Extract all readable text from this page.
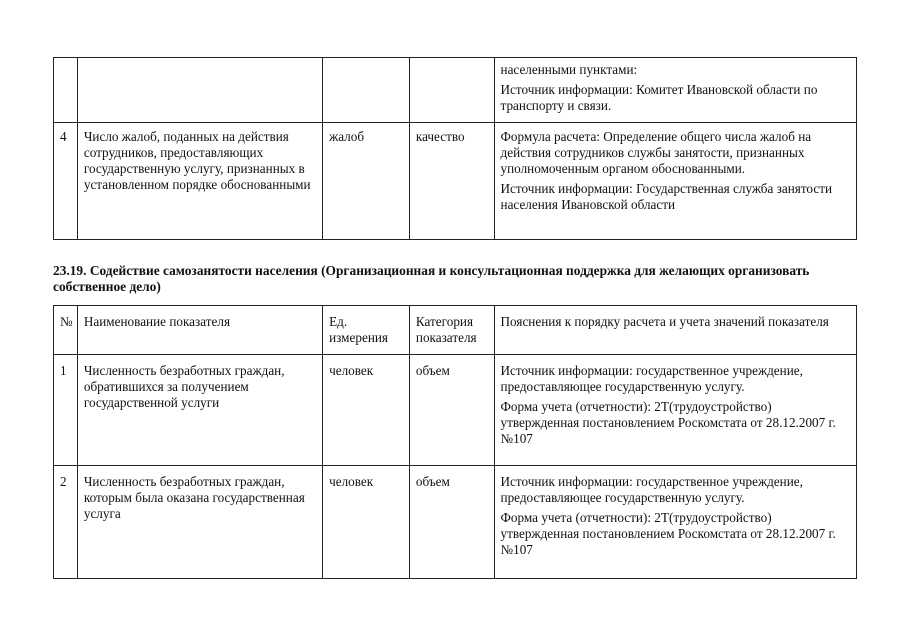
				населенными пунктами:

Источник информации: Комитет Ивановской области по транспорту и связи.

4	Число жалоб, поданных на действия сотрудников, предоставляющих государственную услугу, признанных в установленном порядке обоснованными	жалоб	качество	Формула расчета: Определение общего числа жалоб на действия сотрудников службы занятости, признанных уполномоченным органом обоснованными.

Источник информации: Государственная служба занятости населения Ивановской области

23.19. Содействие самозанятости населения (Организационная и консультационная поддержка для желающих организовать собственное дело)

№	Наименование показателя	Ед. измерения	Категория показателя	Пояснения к порядку расчета и учета значений показателя
1	Численность безработных граждан, обратившихся за получением государственной услуги	человек	объем	Источник информации: государственное учреждение, предоставляющее государственную услугу.

Форма учета (отчетности): 2Т(трудоустройство) утвержденная постановлением Роскомстата от 28.12.2007 г.№107

2	Численность безработных граждан, которым была оказана государственная услуга	человек	объем	Источник информации: государственное учреждение, предоставляющее государственную услугу.

Форма учета (отчетности): 2Т(трудоустройство) утвержденная постановлением Роскомстата от 28.12.2007 г.№107
